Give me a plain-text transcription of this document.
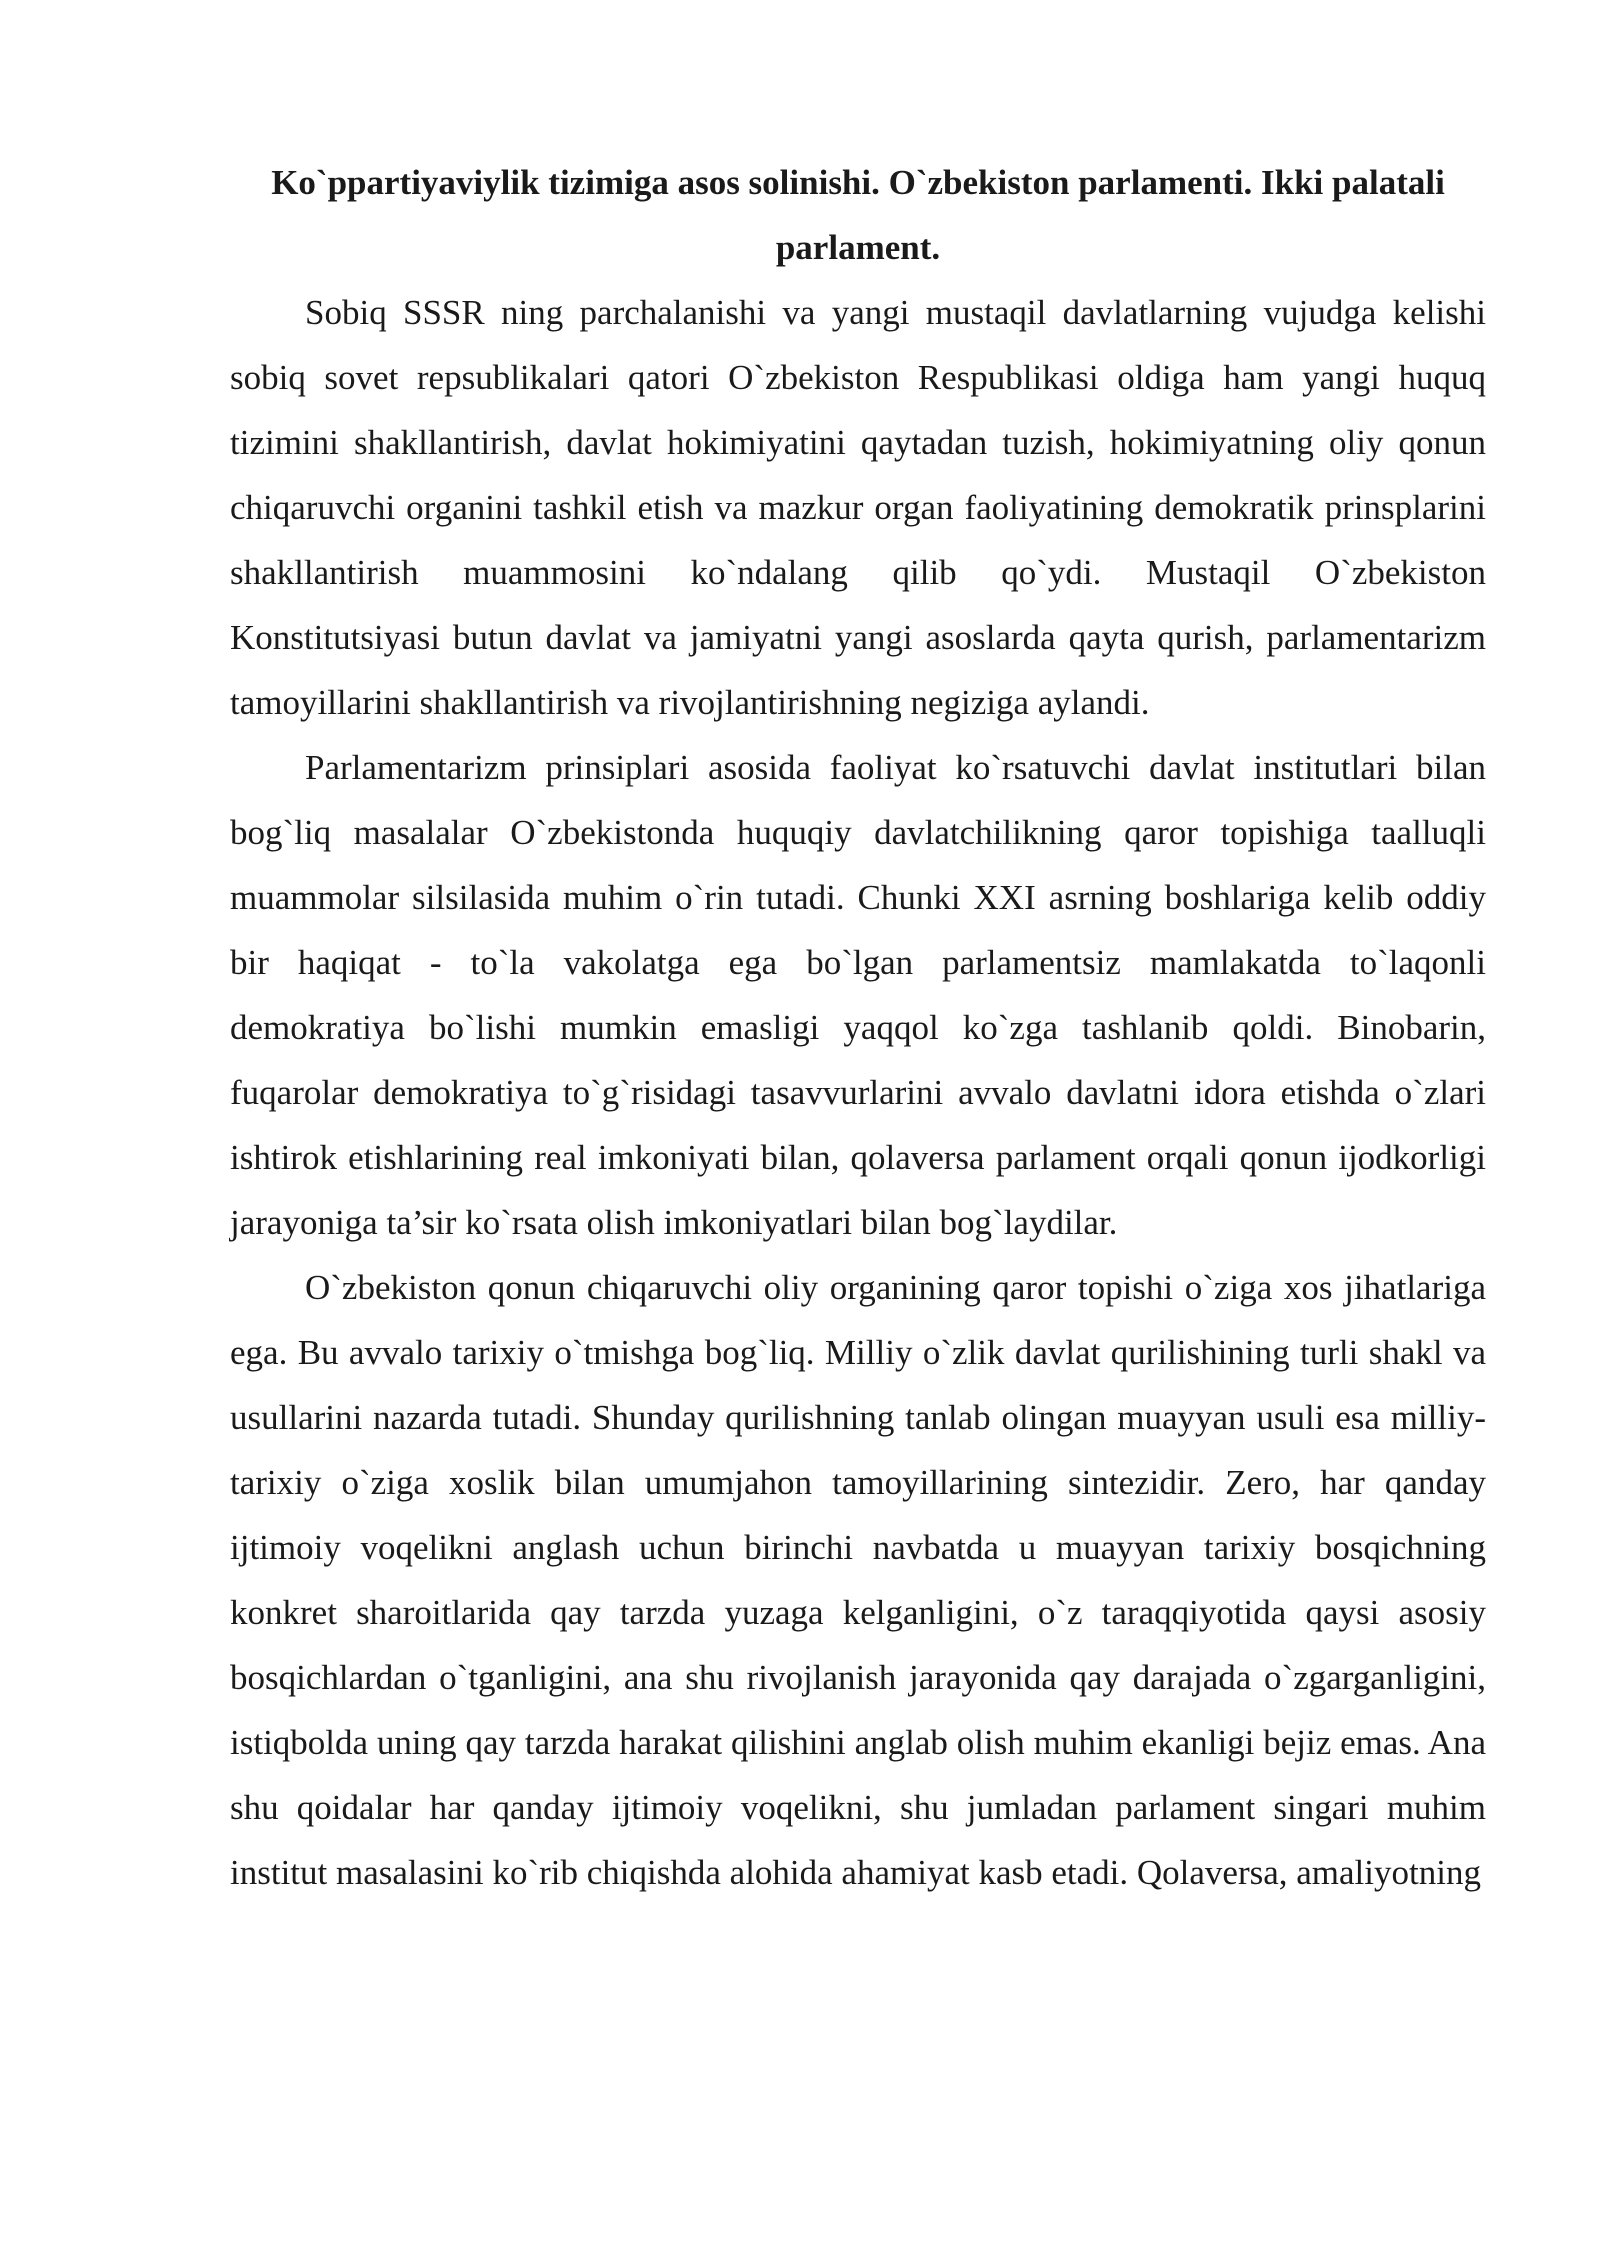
Ko`ppartiyaviylik tizimiga asos solinishi. O`zbekiston parlamenti. Ikki palatali parlament.

Sobiq SSSR ning parchalanishi va yangi mustaqil davlatlarning vujudga kelishi sobiq sovet repsublikalari qatori O`zbekiston Respublikasi oldiga ham yangi huquq tizimini shakllantirish, davlat hokimiyatini qaytadan tuzish, hokimiyatning oliy qonun chiqaruvchi organini tashkil etish va mazkur organ faoliyatining demokratik prinsplarini shakllantirish muammosini ko`ndalang qilib qo`ydi. Mustaqil O`zbekiston Konstitutsiyasi butun davlat va jamiyatni yangi asoslarda qayta qurish, parlamentarizm tamoyillarini shakllantirish va rivojlantirishning negiziga aylandi.

Parlamentarizm prinsiplari asosida faoliyat ko`rsatuvchi davlat institutlari bilan bog`liq masalalar O`zbekistonda huquqiy davlatchilikning qaror topishiga taalluqli muammolar silsilasida muhim o`rin tutadi. Chunki XXI asrning boshlariga kelib oddiy bir haqiqat - to`la vakolatga ega bo`lgan parlamentsiz mamlakatda to`laqonli demokratiya bo`lishi mumkin emasligi yaqqol ko`zga tashlanib qoldi. Binobarin, fuqarolar demokratiya to`g`risidagi tasavvurlarini avvalo davlatni idora etishda o`zlari ishtirok etishlarining real imkoniyati bilan, qolaversa parlament orqali qonun ijodkorligi jarayoniga ta’sir ko`rsata olish imkoniyatlari bilan bog`laydilar.

O`zbekiston qonun chiqaruvchi oliy organining qaror topishi o`ziga xos jihatlariga ega. Bu avvalo tarixiy o`tmishga bog`liq. Milliy o`zlik davlat qurilishining turli shakl va usullarini nazarda tutadi. Shunday qurilishning tanlab olingan muayyan usuli esa milliy-tarixiy o`ziga xoslik bilan umumjahon tamoyillarining sintezidir. Zero, har qanday ijtimoiy voqelikni anglash uchun birinchi navbatda u muayyan tarixiy bosqichning konkret sharoitlarida qay tarzda yuzaga kelganligini, o`z taraqqiyotida qaysi asosiy bosqichlardan o`tganligini, ana shu rivojlanish jarayonida qay darajada o`zgarganligini, istiqbolda uning qay tarzda harakat qilishini anglab olish muhim ekanligi bejiz emas. Ana shu qoidalar har qanday ijtimoiy voqelikni, shu jumladan parlament singari muhim institut masalasini ko`rib chiqishda alohida ahamiyat kasb etadi. Qolaversa, amaliyotning
